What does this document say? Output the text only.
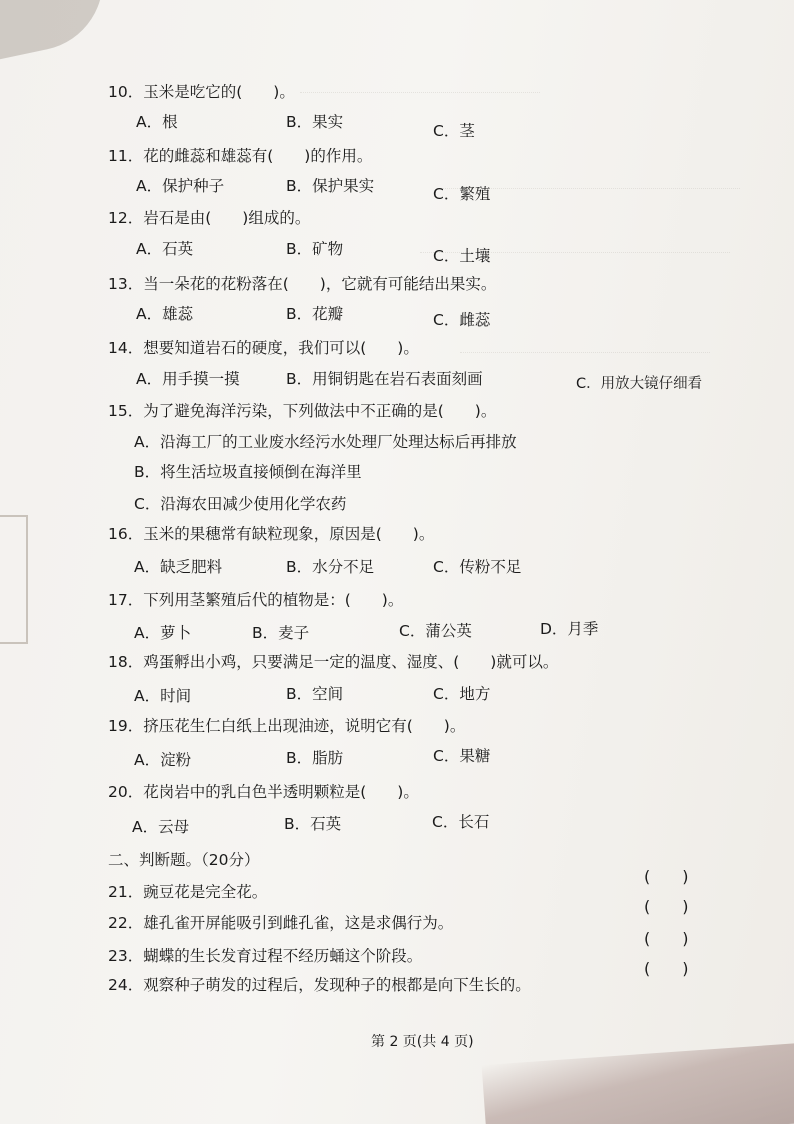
10．玉米是吃它的(　　)。
A．根	B．果实	C．茎
11．花的雌蕊和雄蕊有(　　)的作用。
A．保护种子	B．保护果实	C．繁殖
12．岩石是由(　　)组成的。
A．石英	B．矿物	C．土壤
13．当一朵花的花粉落在(　　)，它就有可能结出果实。
A．雄蕊	B．花瓣	C．雌蕊
14．想要知道岩石的硬度，我们可以(　　)。
A．用手摸一摸	B．用铜钥匙在岩石表面刻画	C．用放大镜仔细看
15．为了避免海洋污染，下列做法中不正确的是(　　)。
A．沿海工厂的工业废水经污水处理厂处理达标后再排放
B．将生活垃圾直接倾倒在海洋里
C．沿海农田减少使用化学农药
16．玉米的果穗常有缺粒现象，原因是(　　)。
A．缺乏肥料	B．水分不足	C．传粉不足
17．下列用茎繁殖后代的植物是：(　　)。
A．萝卜	B．麦子	C．蒲公英	D．月季
18．鸡蛋孵出小鸡，只要满足一定的温度、湿度、(　　)就可以。
A．时间	B．空间	C．地方
19．挤压花生仁白纸上出现油迹，说明它有(　　)。
A．淀粉	B．脂肪	C．果糖
20．花岗岩中的乳白色半透明颗粒是(　　)。
A．云母	B．石英	C．长石
二、判断题。（20分）
21．豌豆花是完全花。
22．雄孔雀开屏能吸引到雌孔雀，这是求偶行为。
23．蝴蝶的生长发育过程不经历蛹这个阶段。
24．观察种子萌发的过程后，发现种子的根都是向下生长的。
(　　)
(　　)
(　　)
(　　)
第 2 页(共 4 页)
